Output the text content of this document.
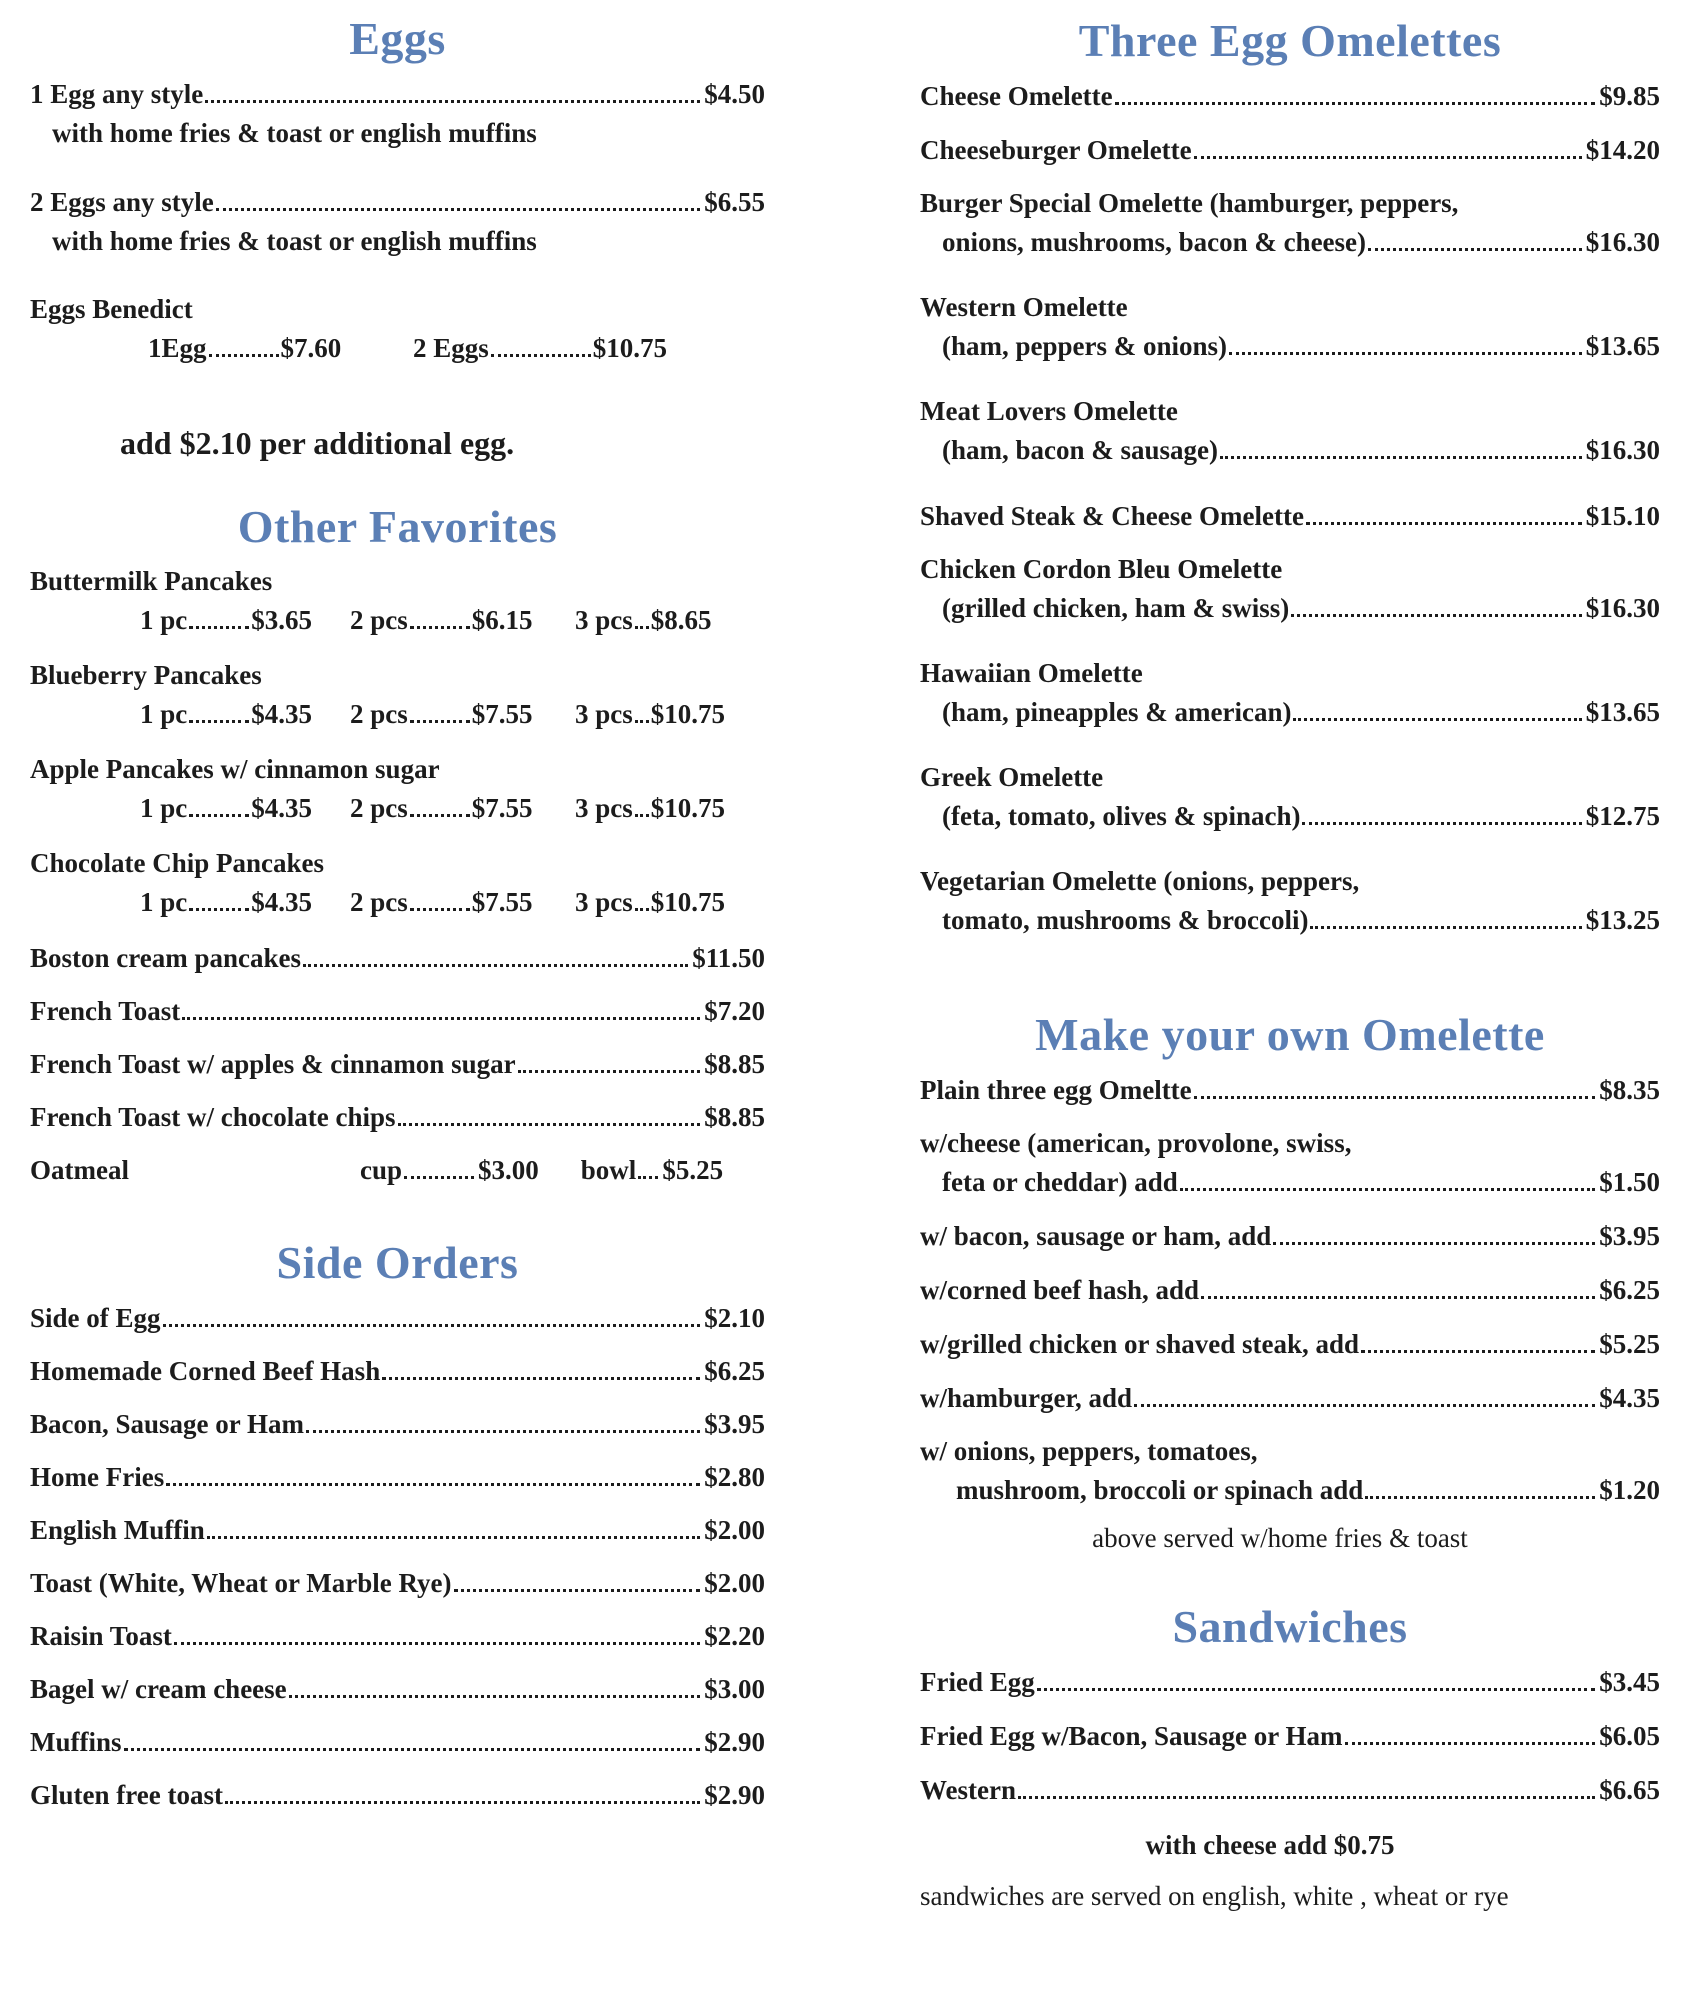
Eggs
1 Egg any style	$4.50
with home fries & toast or english muffins
2 Eggs any style	$6.55
with home fries & toast or english muffins
Eggs Benedict
1Egg	$7.60	2 Eggs	$10.75
add $2.10 per additional egg.
Other Favorites
Buttermilk Pancakes
1 pc $3.65 2 pcs $6.15 3 pcs $8.65
Blueberry Pancakes
1 pc $4.35 2 pcs $7.55 3 pcs $10.75
Apple Pancakes w/ cinnamon sugar
1 pc $4.35 2 pcs $7.55 3 pcs $10.75
Chocolate Chip Pancakes
1 pc $4.35 2 pcs $7.55 3 pcs $10.75
Boston cream pancakes	$11.50
French Toast	$7.20
French Toast w/ apples & cinnamon sugar	$8.85
French Toast w/ chocolate chips	$8.85
Oatmeal	cup	$3.00 bowl $5.25
Side Orders
Side of Egg	$2.10
Homemade Corned Beef Hash	$6.25
Bacon, Sausage or Ham	$3.95
Home Fries	$2.80
English Muffin	$2.00
Toast (White, Wheat or Marble Rye)	$2.00
Raisin Toast	$2.20
Bagel w/ cream cheese	$3.00
Muffins	$2.90
Gluten free toast	$2.90
Three Egg Omelettes
Cheese Omelette	$9.85
Cheeseburger Omelette	$14.20
Burger Special Omelette (hamburger, peppers,
onions, mushrooms, bacon & cheese)	$16.30
Western Omelette
(ham, peppers & onions)	$13.65
Meat Lovers Omelette
(ham, bacon & sausage)	$16.30
Shaved Steak & Cheese Omelette	$15.10
Chicken Cordon Bleu Omelette
(grilled chicken, ham & swiss)	$16.30
Hawaiian Omelette
(ham, pineapples & american)	$13.65
Greek Omelette
(feta, tomato, olives & spinach)	$12.75
Vegetarian Omelette (onions, peppers,
tomato, mushrooms & broccoli)	$13.25
Make your own Omelette
Plain three egg Omeltte	$8.35
w/cheese (american, provolone, swiss,
feta or cheddar) add	$1.50
w/ bacon, sausage or ham, add	$3.95
w/corned beef hash, add	$6.25
w/grilled chicken or shaved steak, add	$5.25
w/hamburger, add	$4.35
w/ onions, peppers, tomatoes,
mushroom, broccoli or spinach add	$1.20
above served w/home fries & toast
Sandwiches
Fried Egg	$3.45
Fried Egg w/Bacon, Sausage or Ham	$6.05
Western	$6.65
with cheese add $0.75
sandwiches are served on english, white , wheat or rye
